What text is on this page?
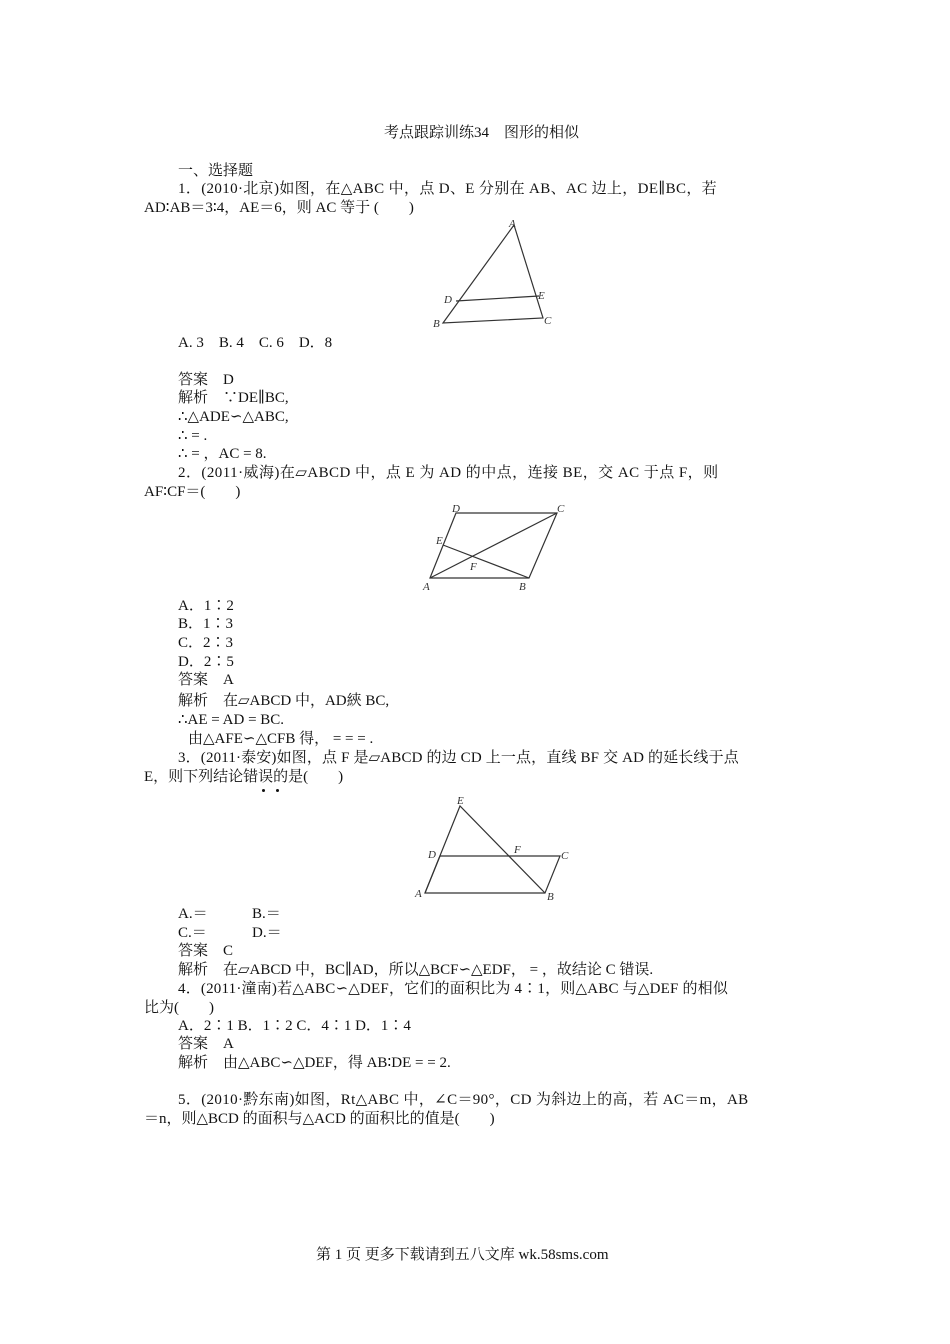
考点跟踪训练34　图形的相似
一、选择题
1．(2010·北京)如图，在△ABC 中，点 D、E 分别在 AB、AC 边上，DE∥BC，若
AD∶AB＝3∶4，AE＝6，则 AC 等于 (　　)
A
B	C
D	E
A. 3　B. 4　C. 6　D．8
答案　D
解析　∵DE∥BC,
∴△ADE∽△ABC,
∴ = .
∴ = ，AC = 8.
2．(2011·威海)在▱ABCD 中，点 E 为 AD 的中点，连接 BE，交 AC 于点 F，则
AF∶CF＝(　　)
A	B
C
D
E
F
A．1∶2
B．1∶3
C．2∶3
D．2∶5
答案　A
解析　在▱ABCD 中，AD綊 BC,
∴AE = AD = BC.
由△AFE∽△CFB 得， = = = .
3．(2011·泰安)如图，点 F 是▱ABCD 的边 CD 上一点，直线 BF 交 AD 的延长线于点
E，则下列结论错误的是(　　)
A	B
C
D
E
F
A.＝	B.＝
C.＝	D.＝
答案　C
解析　在▱ABCD 中，BC∥AD，所以△BCF∽△EDF， = ，故结论 C 错误.
4．(2011·潼南)若△ABC∽△DEF，它们的面积比为 4∶1，则△ABC 与△DEF 的相似
比为(　　)
A．2∶1 B．1∶2 C．4∶1 D．1∶4
答案　A
解析　由△ABC∽△DEF，得 AB∶DE = = 2.
5．(2010·黔东南)如图，Rt△ABC 中，∠C＝90°，CD 为斜边上的高，若 AC＝m，AB
＝n，则△BCD 的面积与△ACD 的面积比的值是(　　)
第 1 页 更多下载请到五八文库 wk.58sms.com
